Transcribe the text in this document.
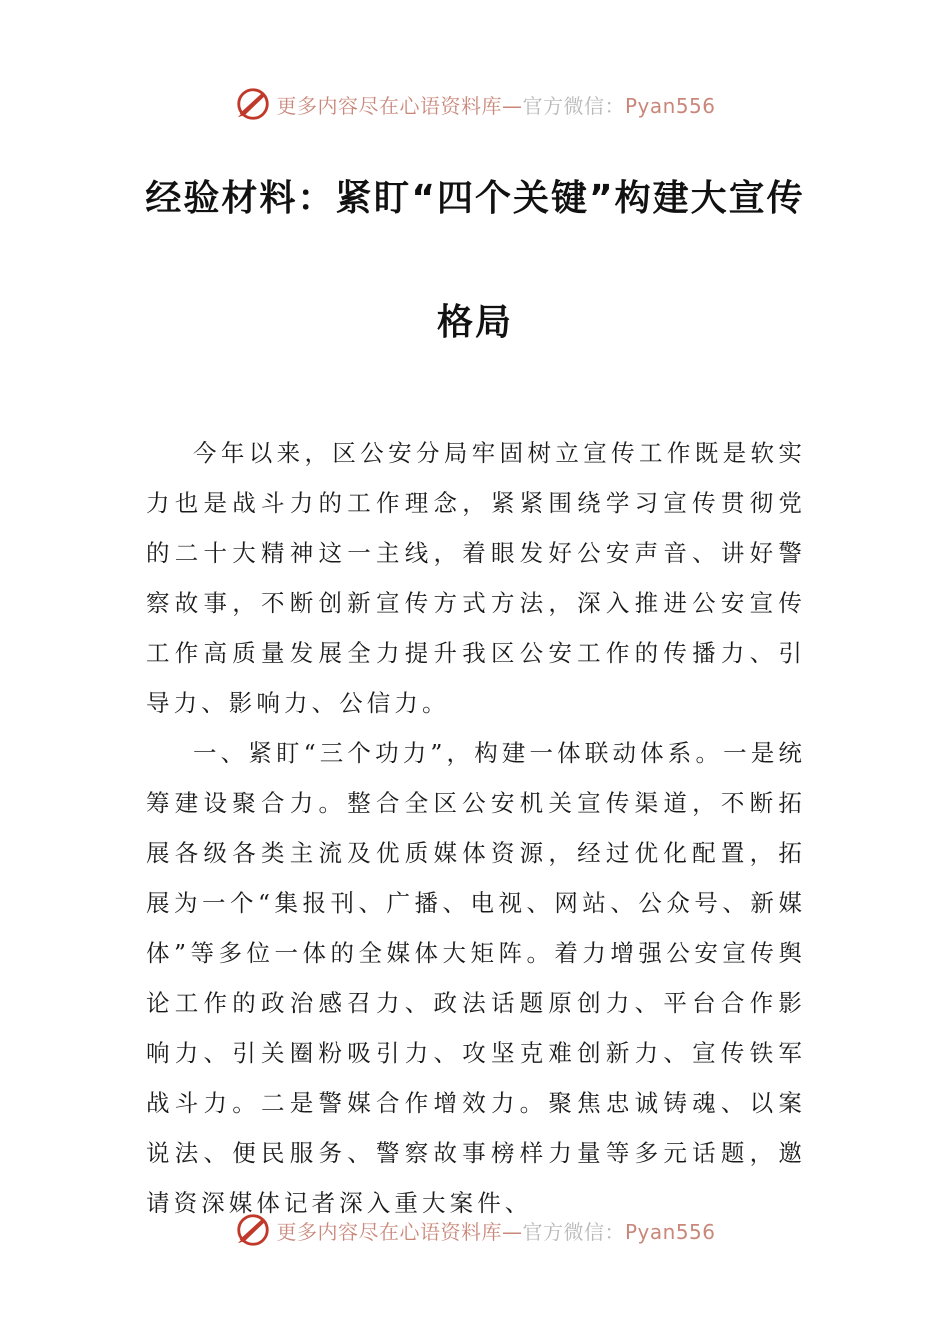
更多内容尽在心语资料库—官方微信：Pyan556
经验材料：紧盯“四个关键”构建大宣传
格局

今年以来，区公安分局牢固树立宣传工作既是软实力也是战斗力的工作理念，紧紧围绕学习宣传贯彻党的二十大精神这一主线，着眼发好公安声音、讲好警察故事，不断创新宣传方式方法，深入推进公安宣传工作高质量发展全力提升我区公安工作的传播力、引导力、影响力、公信力。

一、紧盯“三个功力”，构建一体联动体系。一是统筹建设聚合力。整合全区公安机关宣传渠道，不断拓展各级各类主流及优质媒体资源，经过优化配置，拓展为一个“集报刊、广播、电视、网站、公众号、新媒体”等多位一体的全媒体大矩阵。着力增强公安宣传舆论工作的政治感召力、政法话题原创力、平台合作影响力、引关圈粉吸引力、攻坚克难创新力、宣传铁军战斗力。二是警媒合作增效力。聚焦忠诚铸魂、以案说法、便民服务、警察故事榜样力量等多元话题，邀请资深媒体记者深入重大案件、

更多内容尽在心语资料库—官方微信：Pyan556
